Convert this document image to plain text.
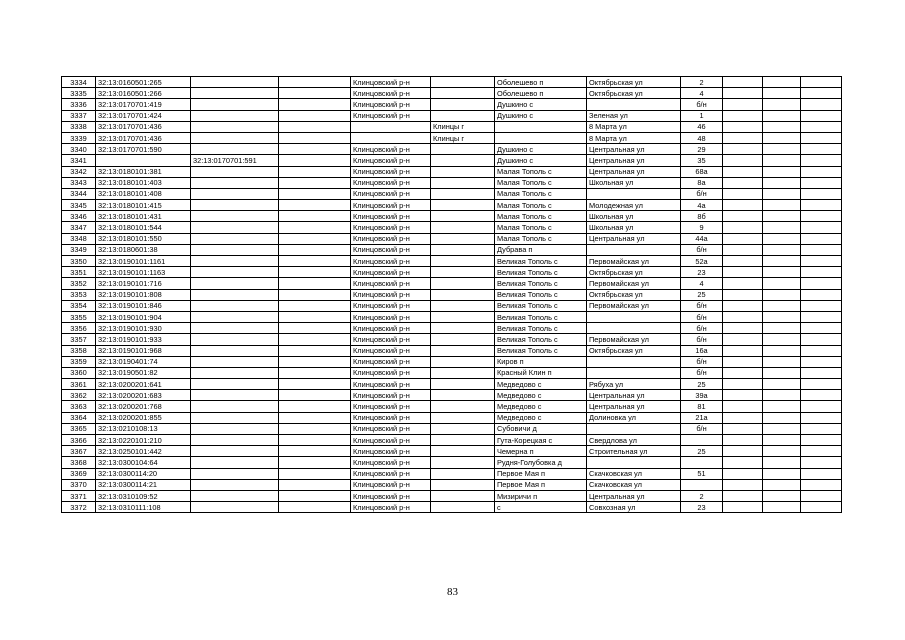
3334	32:13:0160501:265			Клинцовский р-н		Оболешево п	Октябрьская ул	2			
3335	32:13:0160501:266			Клинцовский р-н		Оболешево п	Октябрьская ул	4			
3336	32:13:0170701:419			Клинцовский р-н		Душкино с		б/н			
3337	32:13:0170701:424			Клинцовский р-н		Душкино с	Зеленая ул	1			
3338	32:13:0170701:436				Клинцы г		8 Марта ул	46			
3339	32:13:0170701:436				Клинцы г		8 Марта ул	48			
3340	32:13:0170701:590			Клинцовский р-н		Душкино с	Центральная ул	29			
3341		32:13:0170701:591		Клинцовский р-н		Душкино с	Центральная ул	35			
3342	32:13:0180101:381			Клинцовский р-н		Малая Тополь с	Центральная ул	68а			
3343	32:13:0180101:403			Клинцовский р-н		Малая Тополь с	Школьная ул	8а			
3344	32:13:0180101:408			Клинцовский р-н		Малая Тополь с		б/н			
3345	32:13:0180101:415			Клинцовский р-н		Малая Тополь с	Молодежная ул	4а			
3346	32:13:0180101:431			Клинцовский р-н		Малая Тополь с	Школьная ул	8б			
3347	32:13:0180101:544			Клинцовский р-н		Малая Тополь с	Школьная ул	9			
3348	32:13:0180101:550			Клинцовский р-н		Малая Тополь с	Центральная ул	44а			
3349	32:13:0180601:38			Клинцовский р-н		Дубрава п		б/н			
3350	32:13:0190101:1161			Клинцовский р-н		Великая Тополь с	Первомайская ул	52а			
3351	32:13:0190101:1163			Клинцовский р-н		Великая Тополь с	Октябрьская ул	23			
3352	32:13:0190101:716			Клинцовский р-н		Великая Тополь с	Первомайская ул	4			
3353	32:13:0190101:808			Клинцовский р-н		Великая Тополь с	Октябрьская ул	25			
3354	32:13:0190101:846			Клинцовский р-н		Великая Тополь с	Первомайская ул	б/н			
3355	32:13:0190101:904			Клинцовский р-н		Великая Тополь с		б/н			
3356	32:13:0190101:930			Клинцовский р-н		Великая Тополь с		б/н			
3357	32:13:0190101:933			Клинцовский р-н		Великая Тополь с	Первомайская ул	б/н			
3358	32:13:0190101:968			Клинцовский р-н		Великая Тополь с	Октябрьская ул	16а			
3359	32:13:0190401:74			Клинцовский р-н		Киров п		б/н			
3360	32:13:0190501:82			Клинцовский р-н		Красный Клин п		б/н			
3361	32:13:0200201:641			Клинцовский р-н		Медведово с	Рябуха ул	25			
3362	32:13:0200201:683			Клинцовский р-н		Медведово с	Центральная ул	39а			
3363	32:13:0200201:768			Клинцовский р-н		Медведово с	Центральная ул	81			
3364	32:13:0200201:855			Клинцовский р-н		Медведово с	Долиновка ул	21а			
3365	32:13:0210108:13			Клинцовский р-н		Субовичи д		б/н			
3366	32:13:0220101:210			Клинцовский р-н		Гута-Корецкая с	Свердлова ул				
3367	32:13:0250101:442			Клинцовский р-н		Чемерна п	Строительная ул	25			
3368	32:13:0300104:64			Клинцовский р-н		Рудня-Голубовка д					
3369	32:13:0300114:20			Клинцовский р-н		Первое Мая п	Скачковская ул	51			
3370	32:13:0300114:21			Клинцовский р-н		Первое Мая п	Скачковская ул				
3371	32:13:0310109:52			Клинцовский р-н		Мизиричи п	Центральная ул	2			
3372	32:13:0310111:108			Клинцовский р-н		с	Совхозная ул	23			
83
